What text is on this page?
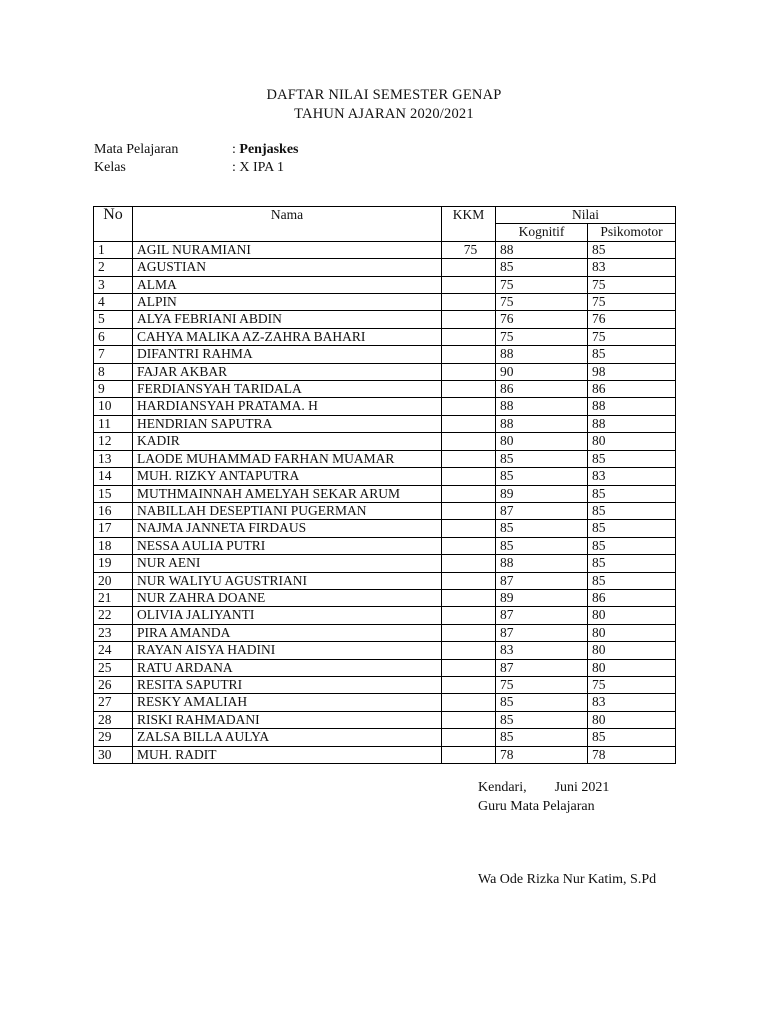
DAFTAR NILAI SEMESTER GENAP
TAHUN AJARAN 2020/2021
Mata Pelajaran	: Penjaskes
Kelas	: X IPA 1
No	Nama	KKM	Nilai	
			Kognitif	Psikomotor
1	AGIL NURAMIANI	75	88	85
2	AGUSTIAN		85	83
3	ALMA		75	75
4	ALPIN		75	75
5	ALYA FEBRIANI ABDIN		76	76
6	CAHYA MALIKA AZ-ZAHRA BAHARI		75	75
7	DIFANTRI RAHMA		88	85
8	FAJAR AKBAR		90	98
9	FERDIANSYAH TARIDALA		86	86
10	HARDIANSYAH PRATAMA. H		88	88
11	HENDRIAN SAPUTRA		88	88
12	KADIR		80	80
13	LAODE MUHAMMAD FARHAN MUAMAR		85	85
14	MUH. RIZKY ANTAPUTRA		85	83
15	MUTHMAINNAH AMELYAH SEKAR ARUM		89	85
16	NABILLAH DESEPTIANI PUGERMAN		87	85
17	NAJMA JANNETA FIRDAUS		85	85
18	NESSA AULIA PUTRI		85	85
19	NUR AENI		88	85
20	NUR WALIYU AGUSTRIANI		87	85
21	NUR ZAHRA DOANE		89	86
22	OLIVIA JALIYANTI		87	80
23	PIRA AMANDA		87	80
24	RAYAN AISYA HADINI		83	80
25	RATU ARDANA		87	80
26	RESITA SAPUTRI		75	75
27	RESKY AMALIAH		85	83
28	RISKI RAHMADANI		85	80
29	ZALSA BILLA AULYA		85	85
30	MUH. RADIT		78	78
Kendari, Juni 2021
Guru Mata Pelajaran
Wa Ode Rizka Nur Katim, S.Pd
